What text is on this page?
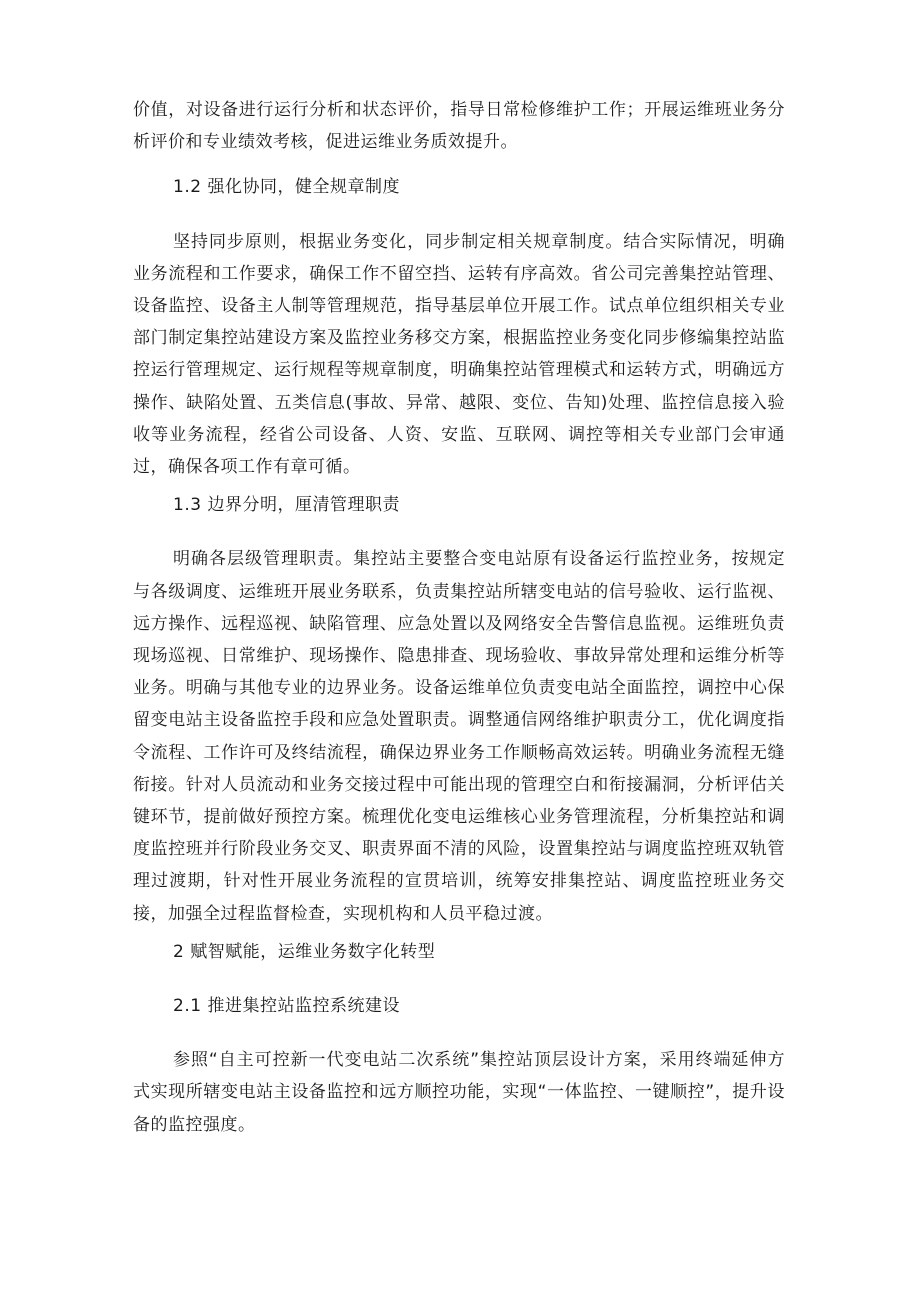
价值，对设备进行运行分析和状态评价，指导日常检修维护工作；开展运维班业务分析评价和专业绩效考核，促进运维业务质效提升。

1.2 强化协同，健全规章制度

坚持同步原则，根据业务变化，同步制定相关规章制度。结合实际情况，明确业务流程和工作要求，确保工作不留空挡、运转有序高效。省公司完善集控站管理、设备监控、设备主人制等管理规范，指导基层单位开展工作。试点单位组织相关专业部门制定集控站建设方案及监控业务移交方案，根据监控业务变化同步修编集控站监控运行管理规定、运行规程等规章制度，明确集控站管理模式和运转方式，明确远方操作、缺陷处置、五类信息(事故、异常、越限、变位、告知)处理、监控信息接入验收等业务流程，经省公司设备、人资、安监、互联网、调控等相关专业部门会审通过，确保各项工作有章可循。

1.3 边界分明，厘清管理职责

明确各层级管理职责。集控站主要整合变电站原有设备运行监控业务，按规定与各级调度、运维班开展业务联系，负责集控站所辖变电站的信号验收、运行监视、远方操作、远程巡视、缺陷管理、应急处置以及网络安全告警信息监视。运维班负责现场巡视、日常维护、现场操作、隐患排查、现场验收、事故异常处理和运维分析等业务。明确与其他专业的边界业务。设备运维单位负责变电站全面监控，调控中心保留变电站主设备监控手段和应急处置职责。调整通信网络维护职责分工，优化调度指令流程、工作许可及终结流程，确保边界业务工作顺畅高效运转。明确业务流程无缝衔接。针对人员流动和业务交接过程中可能出现的管理空白和衔接漏洞，分析评估关键环节，提前做好预控方案。梳理优化变电运维核心业务管理流程，分析集控站和调度监控班并行阶段业务交叉、职责界面不清的风险，设置集控站与调度监控班双轨管理过渡期，针对性开展业务流程的宣贯培训，统筹安排集控站、调度监控班业务交接，加强全过程监督检查，实现机构和人员平稳过渡。

2 赋智赋能，运维业务数字化转型

2.1 推进集控站监控系统建设

参照“自主可控新一代变电站二次系统”集控站顶层设计方案，采用终端延伸方式实现所辖变电站主设备监控和远方顺控功能，实现“一体监控、一键顺控”，提升设备的监控强度。
